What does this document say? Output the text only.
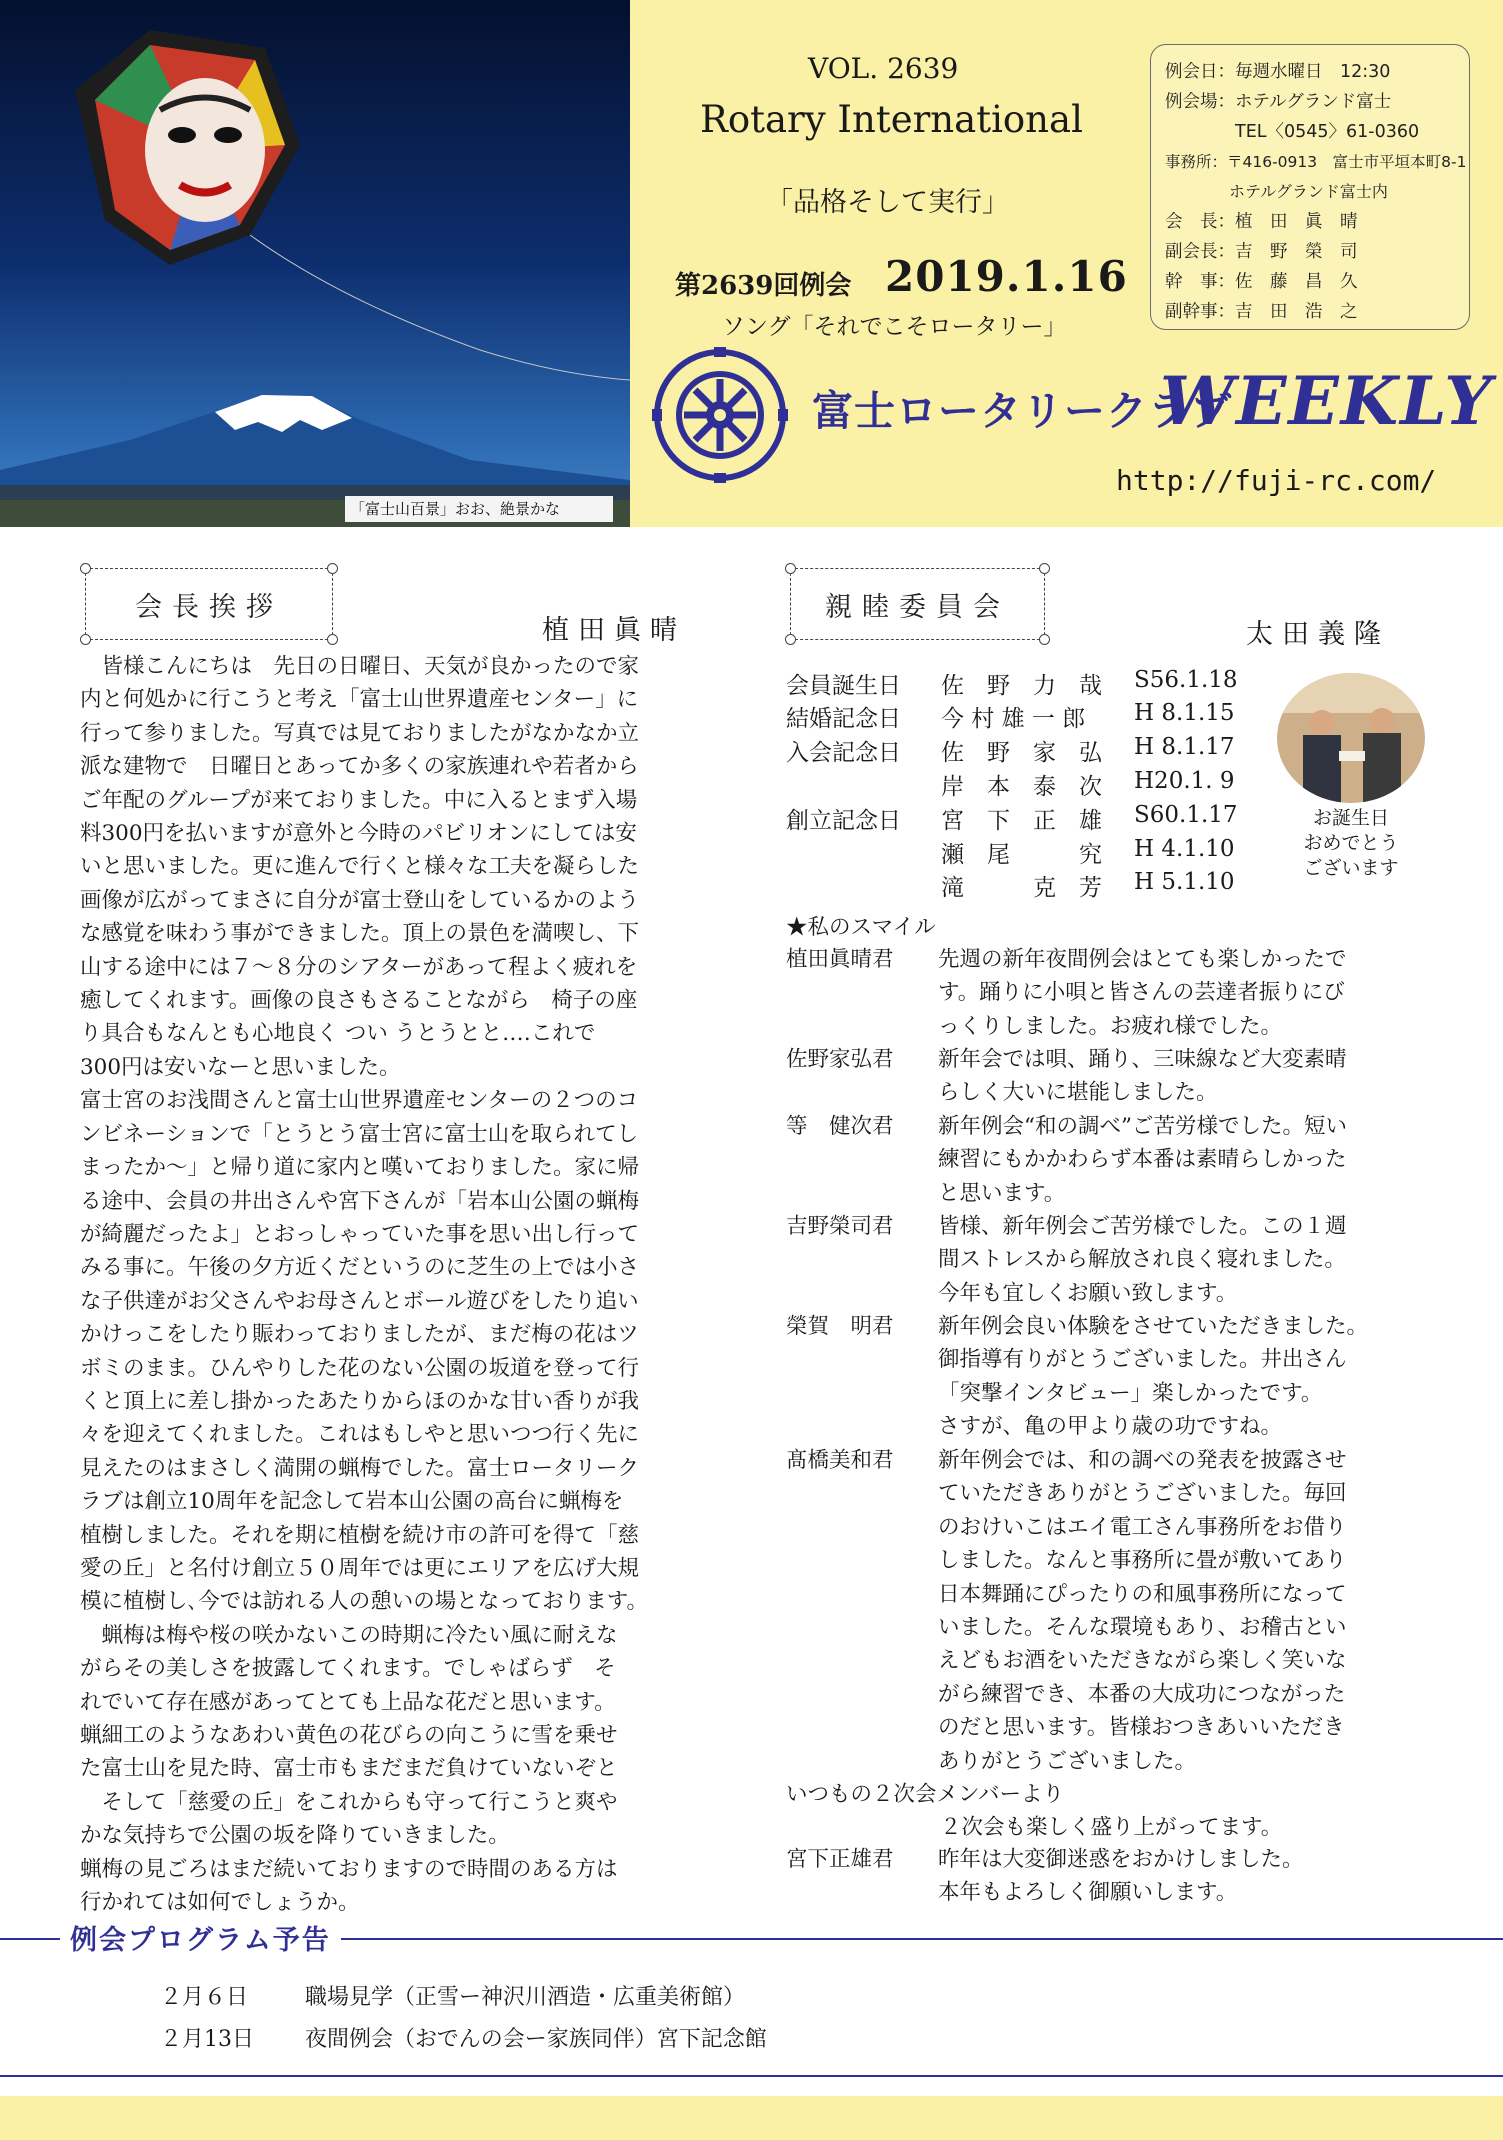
「富士山百景」おお、絶景かな
VOL. 2639
Rotary International
「品格そして実行」
第2639回例会 2019.1.16
ソング「それでこそロータリー」
例会日：毎週水曜日　12:30
例会場：ホテルグランド富士
　　　　TEL〈0545〉61-0360
事務所：〒416-0913　富士市平垣本町8-1
　　　　ホテルグランド富士内
会　長：植　田　眞　晴
副会長：吉　野　榮　司
幹　事：佐　藤　昌　久
副幹事：吉　田　浩　之
富士ロータリークラブ
WEEKLY
http://fuji-rc.com/
会長挨拶
植田眞晴
　皆様こんにちは　先日の日曜日、天気が良かったので家
内と何処かに行こうと考え「富士山世界遺産センター」に
行って参りました。写真では見ておりましたがなかなか立
派な建物で　日曜日とあってか多くの家族連れや若者から
ご年配のグループが来ておりました。中に入るとまず入場
料300円を払いますが意外と今時のパビリオンにしては安
いと思いました。更に進んで行くと様々な工夫を凝らした
画像が広がってまさに自分が富士登山をしているかのよう
な感覚を味わう事ができました。頂上の景色を満喫し、下
山する途中には７～８分のシアターがあって程よく疲れを
癒してくれます。画像の良さもさることながら　椅子の座
り具合もなんとも心地良く つい うとうとと‥‥これで
300円は安いなーと思いました。
富士宮のお浅間さんと富士山世界遺産センターの２つのコ
ンビネーションで「とうとう富士宮に富士山を取られてし
まったか～」と帰り道に家内と嘆いておりました。家に帰
る途中、会員の井出さんや宮下さんが「岩本山公園の蝋梅
が綺麗だったよ」とおっしゃっていた事を思い出し行って
みる事に。午後の夕方近くだというのに芝生の上では小さ
な子供達がお父さんやお母さんとボール遊びをしたり追い
かけっこをしたり賑わっておりましたが、まだ梅の花はツ
ボミのまま。ひんやりした花のない公園の坂道を登って行
くと頂上に差し掛かったあたりからほのかな甘い香りが我
々を迎えてくれました。これはもしやと思いつつ行く先に
見えたのはまさしく満開の蝋梅でした。富士ロータリーク
ラブは創立10周年を記念して岩本山公園の高台に蝋梅を
植樹しました。それを期に植樹を続け市の許可を得て「慈
愛の丘」と名付け創立５０周年では更にエリアを広げ大規
模に植樹し､今では訪れる人の憩いの場となっております。
　蝋梅は梅や桜の咲かないこの時期に冷たい風に耐えな
がらその美しさを披露してくれます。でしゃばらず　そ
れでいて存在感があってとても上品な花だと思います。
蝋細工のようなあわい黄色の花びらの向こうに雪を乗せ
た富士山を見た時、富士市もまだまだ負けていないぞと
　そして「慈愛の丘」をこれからも守って行こうと爽や
かな気持ちで公園の坂を降りていきました。
蝋梅の見ごろはまだ続いておりますので時間のある方は
行かれては如何でしょうか。
親睦委員会
太田義隆
会員誕生日 佐　野　力　哉 S56.1.18
結婚記念日 今 村 雄 一 郎 H 8.1.15
入会記念日 佐　野　家　弘 H 8.1.17
岸　本　泰　次 H20.1. 9
創立記念日 宮　下　正　雄 S60.1.17
瀬　尾　　　究 H 4.1.10
滝　　　克　芳 H 5.1.10
お誕生日
おめでとう
ございます
★私のスマイル
植田眞晴君	先週の新年夜間例会はとても楽しかったで
す。踊りに小唄と皆さんの芸達者振りにび
っくりしました。お疲れ様でした。
佐野家弘君	新年会では唄、踊り、三味線など大変素晴
らしく大いに堪能しました。
等　健次君	新年例会“和の調べ”ご苦労様でした。短い
練習にもかかわらず本番は素晴らしかった
と思います。
吉野榮司君	皆様、新年例会ご苦労様でした。この１週
間ストレスから解放され良く寝れました。
今年も宜しくお願い致します。
榮賀　明君	新年例会良い体験をさせていただきました。
御指導有りがとうございました。井出さん
「突撃インタビュー」楽しかったです。
さすが、亀の甲より歳の功ですね。
髙橋美和君	新年例会では、和の調べの発表を披露させ
ていただきありがとうございました。毎回
のおけいこはエイ電工さん事務所をお借り
しました。なんと事務所に畳が敷いてあり
日本舞踊にぴったりの和風事務所になって
いました。そんな環境もあり、お稽古とい
えどもお酒をいただきながら楽しく笑いな
がら練習でき、本番の大成功につながった
のだと思います。皆様おつきあいいただき
ありがとうございました。
いつもの２次会メンバーより
２次会も楽しく盛り上がってます。
宮下正雄君	昨年は大変御迷惑をおかけしました。
本年もよろしく御願いします。
例会プログラム予告
２月６日	職場見学（正雪ー神沢川酒造・広重美術館）
２月13日 夜間例会（おでんの会ー家族同伴）宮下記念館
